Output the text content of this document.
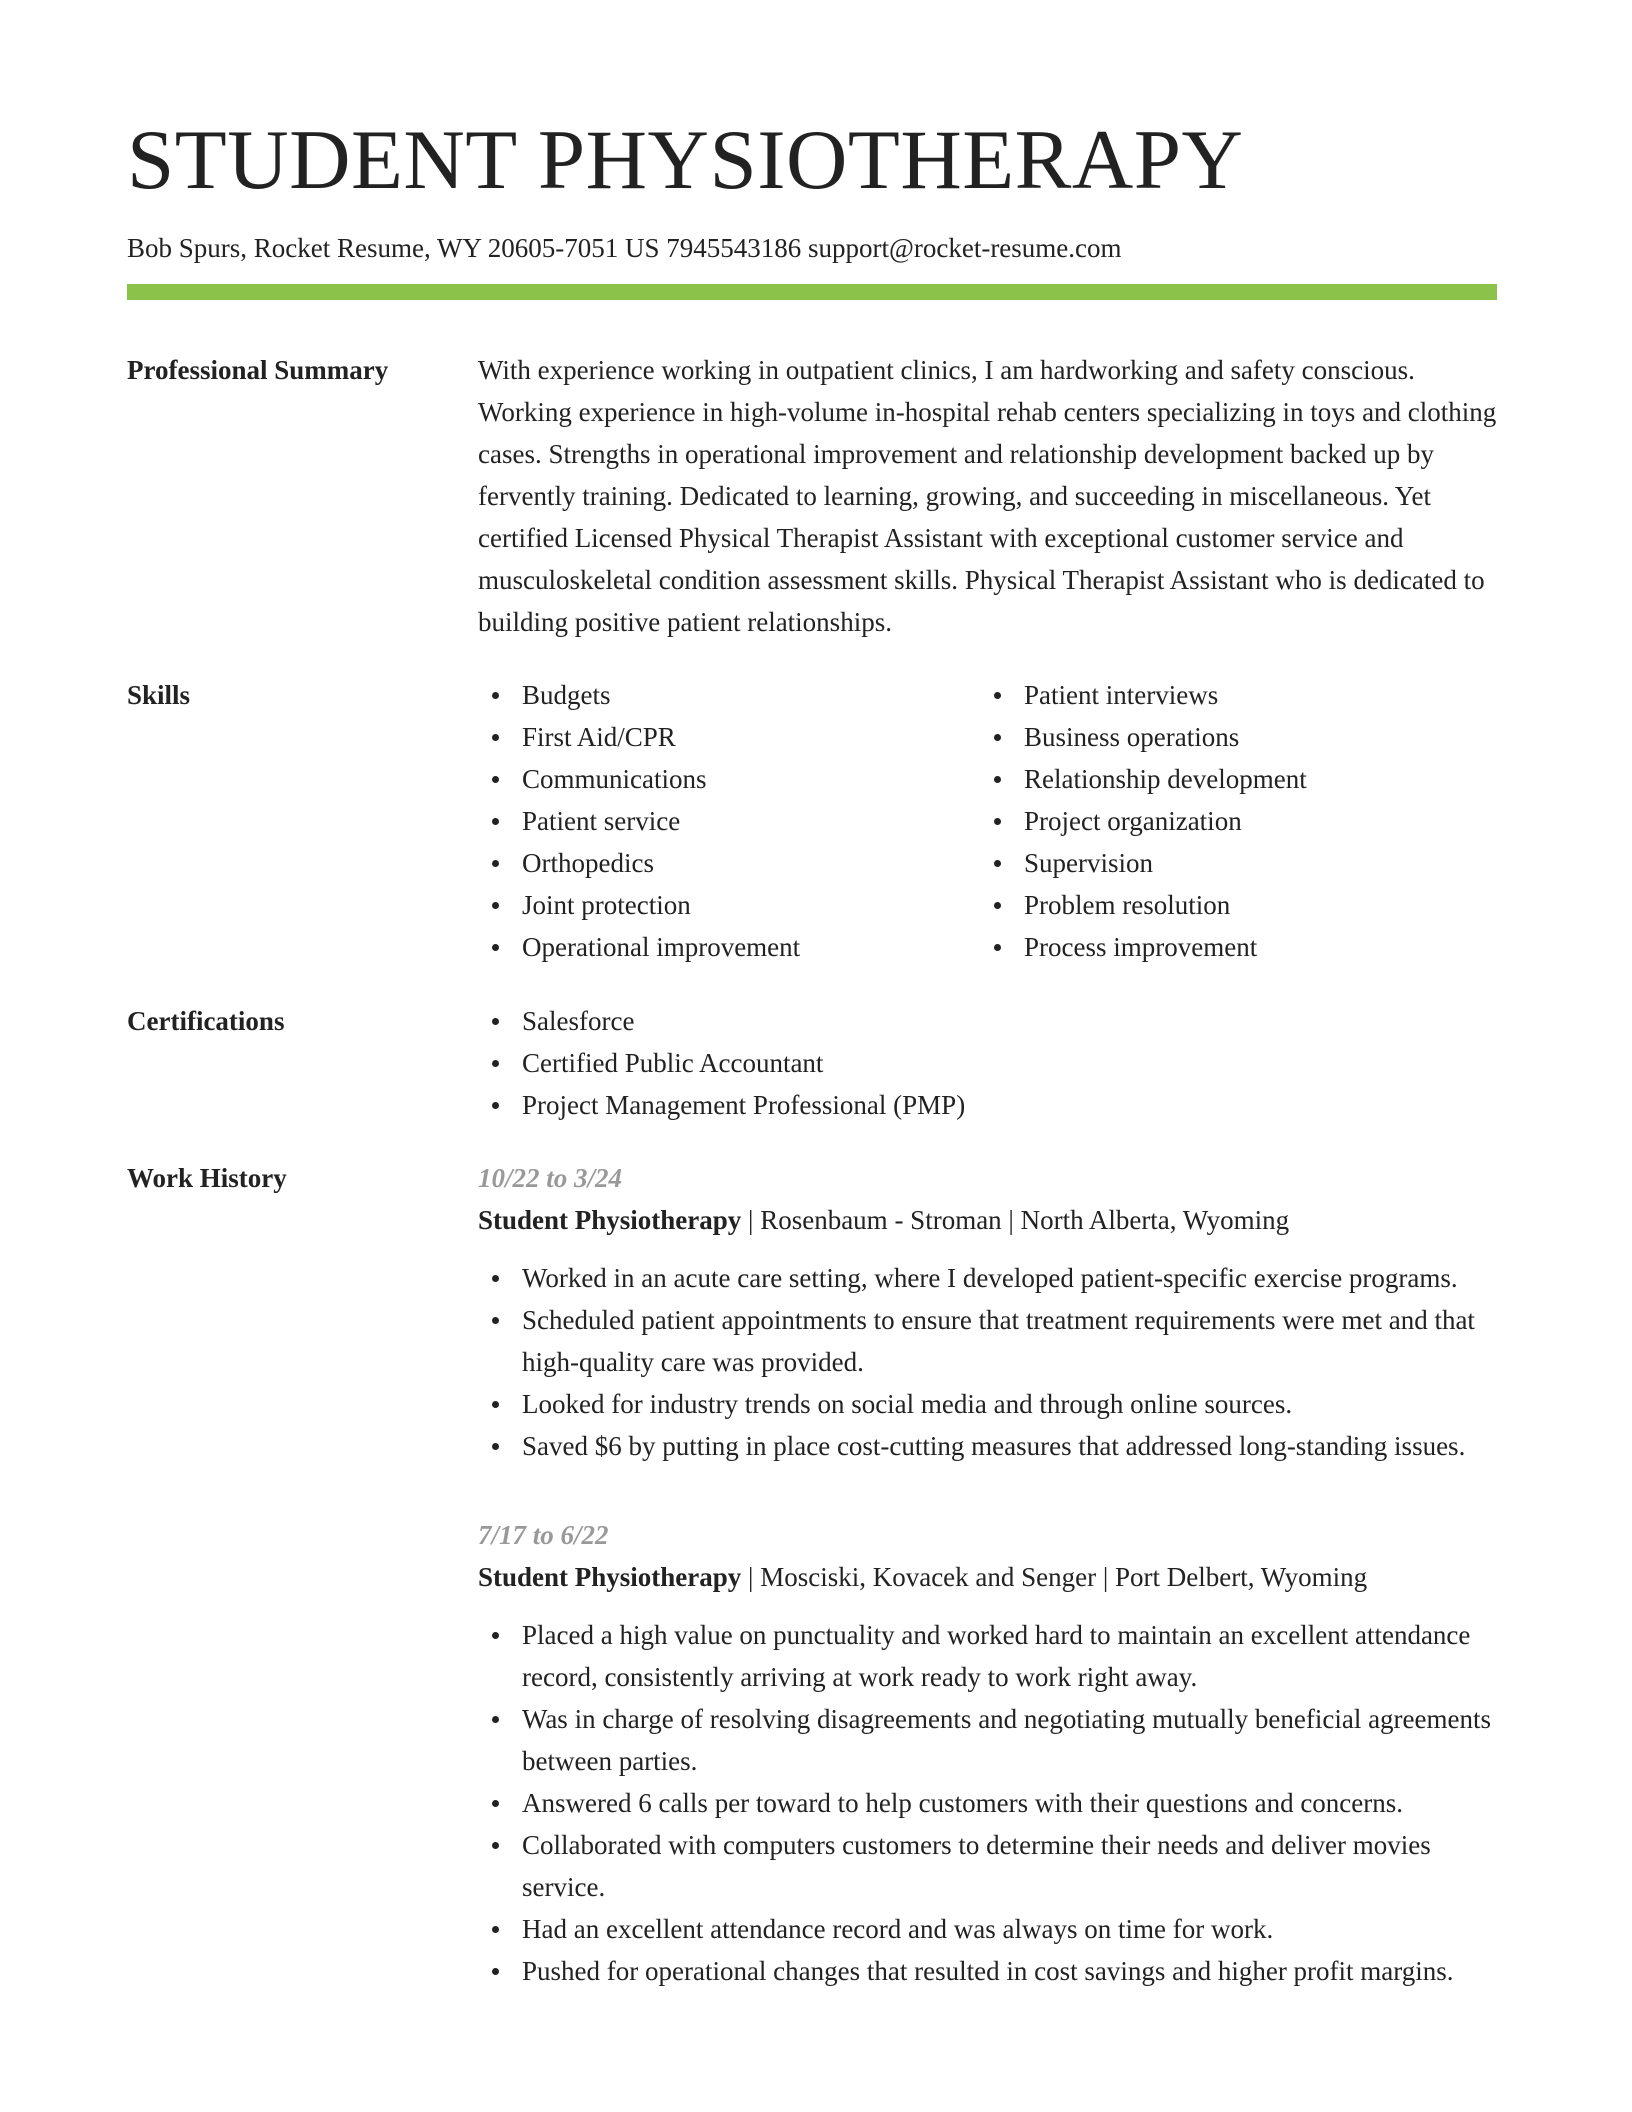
STUDENT PHYSIOTHERAPY
Bob Spurs, Rocket Resume, WY 20605-7051 US 7945543186 support@rocket-resume.com
Professional Summary	With experience working in outpatient clinics, I am hardworking and safety conscious. Working experience in high-volume in-hospital rehab centers specializing in toys and clothing cases. Strengths in operational improvement and relationship development backed up by fervently training. Dedicated to learning, growing, and succeeding in miscellaneous. Yet certified Licensed Physical Therapist Assistant with exceptional customer service and musculoskeletal condition assessment skills. Physical Therapist Assistant who is dedicated to building positive patient relationships.

Skills	Budgets
First Aid/CPR
Communications
Patient service
Orthopedics
Joint protection
Operational improvement
Patient interviews
Business operations
Relationship development
Project organization
Supervision
Problem resolution
Process improvement
Certifications	Salesforce
Certified Public Accountant
Project Management Professional (PMP)
Work History	10/22 to 3/24
Student Physiotherapy | Rosenbaum - Stroman | North Alberta, Wyoming
Worked in an acute care setting, where I developed patient-specific exercise programs.
Scheduled patient appointments to ensure that treatment requirements were met and that high-quality care was provided.
Looked for industry trends on social media and through online sources.
Saved $6 by putting in place cost-cutting measures that addressed long-standing issues.
7/17 to 6/22
Student Physiotherapy | Mosciski, Kovacek and Senger | Port Delbert, Wyoming
Placed a high value on punctuality and worked hard to maintain an excellent attendance record, consistently arriving at work ready to work right away.
Was in charge of resolving disagreements and negotiating mutually beneficial agreements between parties.
Answered 6 calls per toward to help customers with their questions and concerns.
Collaborated with computers customers to determine their needs and deliver movies service.
Had an excellent attendance record and was always on time for work.
Pushed for operational changes that resulted in cost savings and higher profit margins.
